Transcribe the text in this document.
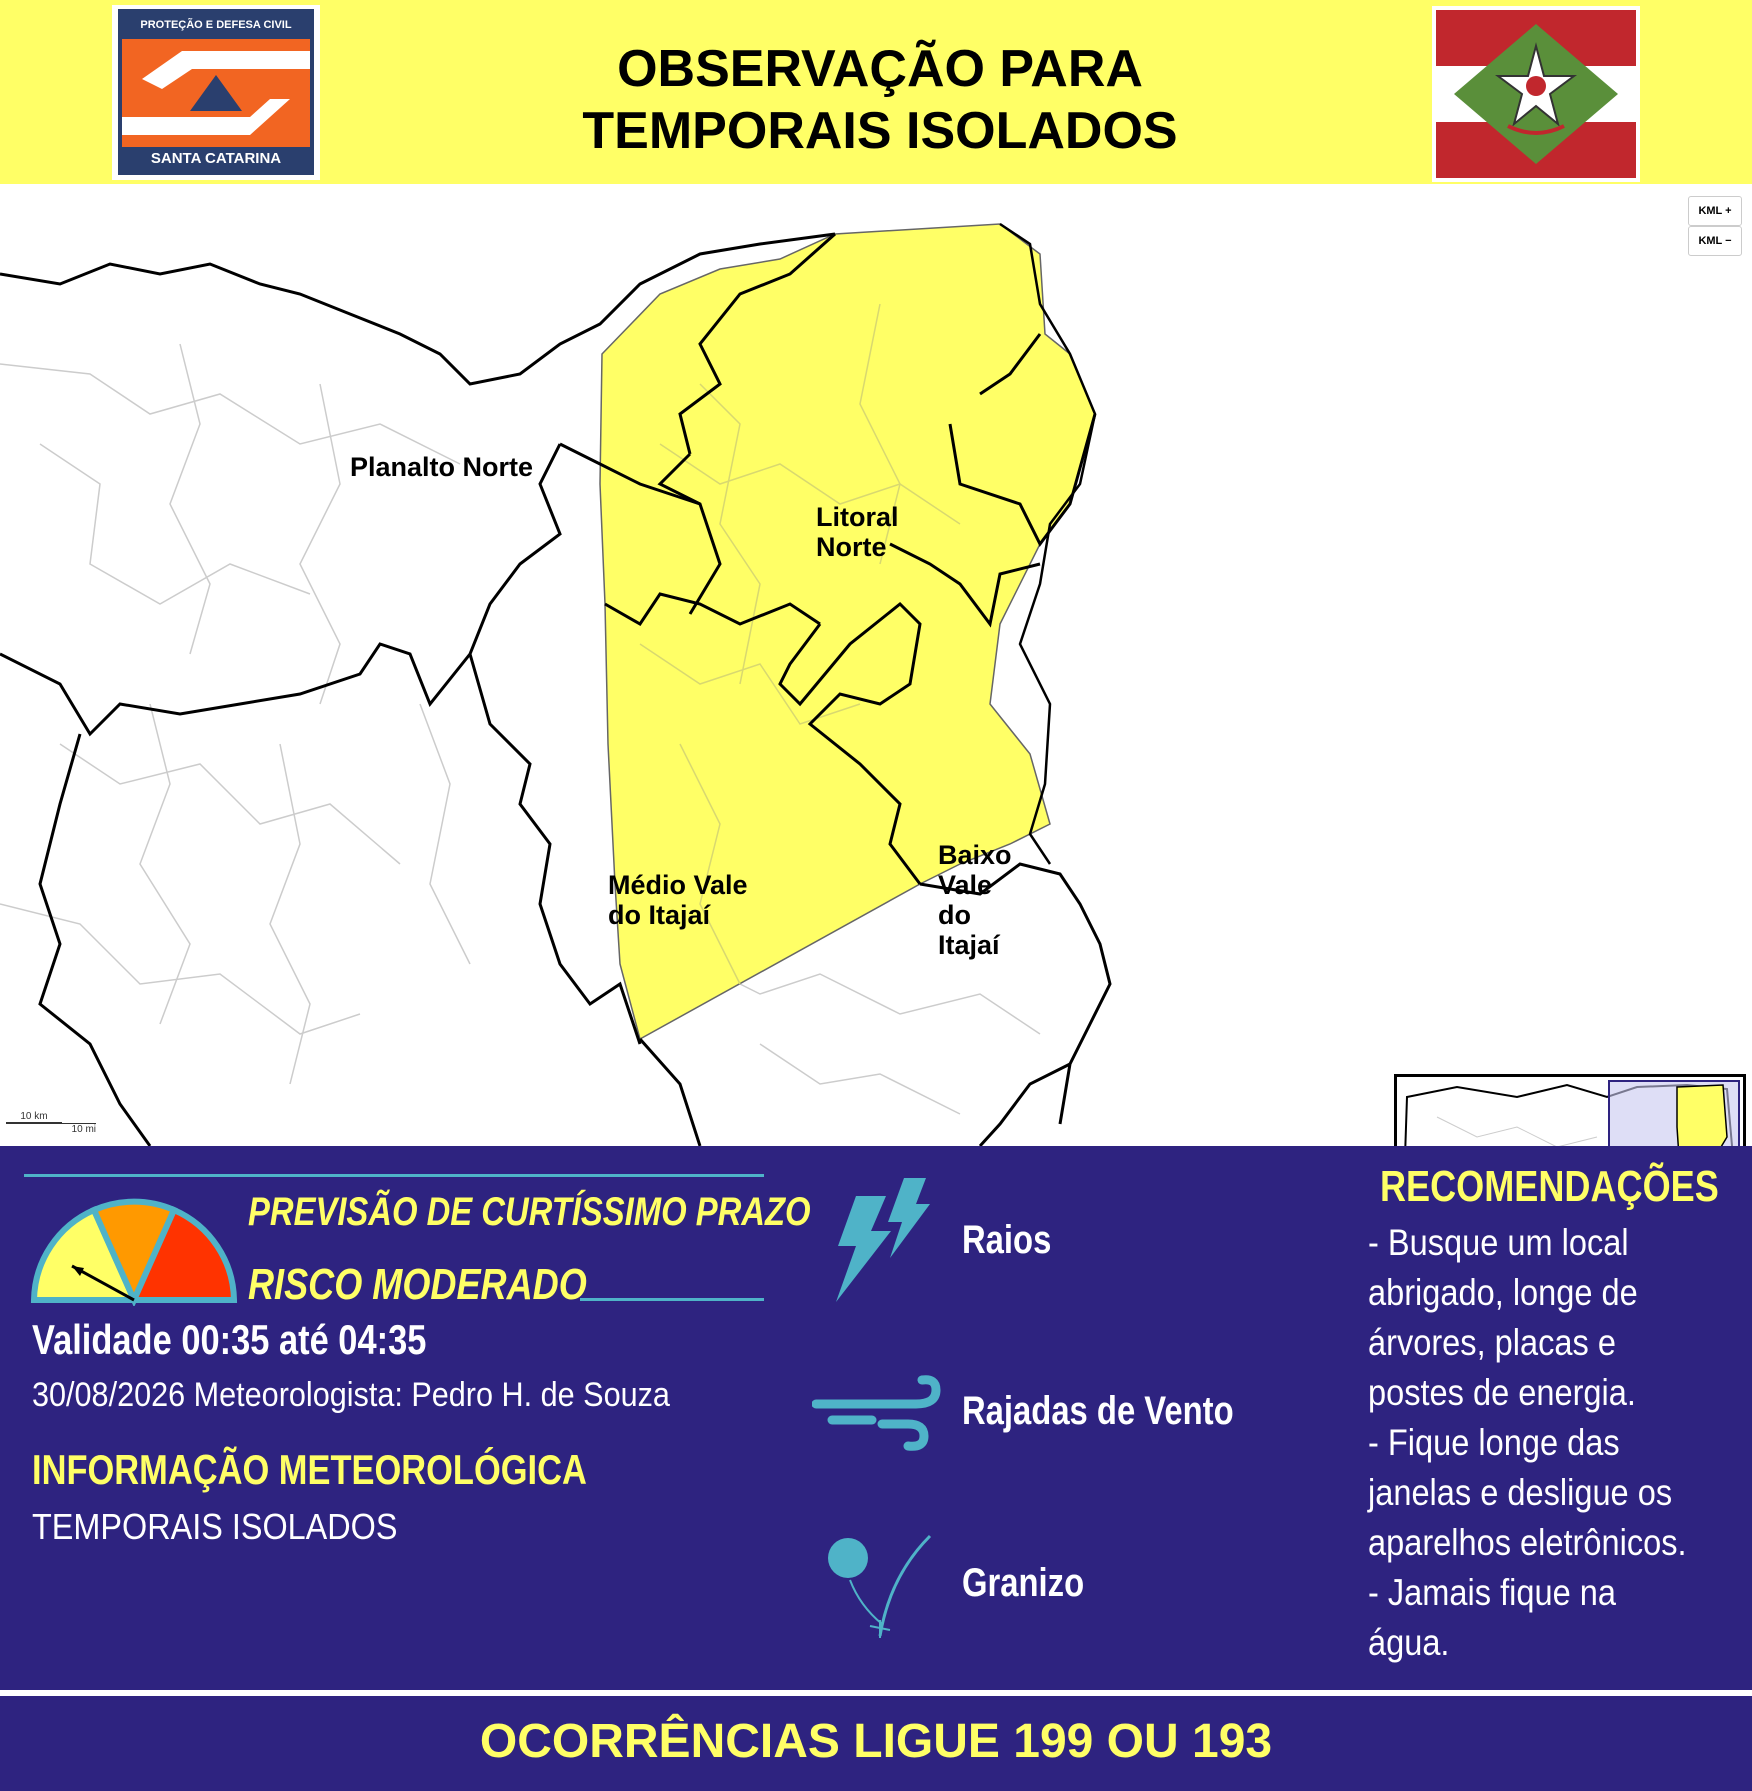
PROTEÇÃO E DEFESA CIVIL
SANTA CATARINA
OBSERVAÇÃO PARA
TEMPORAIS ISOLADOS
KML +
KML −
Planalto Norte
Litoral
Norte
Médio Vale
do Itajaí
Baixo
Vale
do
Itajaí
10 km
10 mi
PREVISÃO DE CURTÍSSIMO PRAZO
RISCO MODERADO
Validade 00:35 até 04:35
30/08/2026 Meteorologista: Pedro H. de Souza
INFORMAÇÃO METEOROLÓGICA
TEMPORAIS ISOLADOS
Raios
Rajadas de Vento
Granizo
RECOMENDAÇÕES
- Busque um local
abrigado, longe de
árvores, placas e
postes de energia.
- Fique longe das
janelas e desligue os
aparelhos eletrônicos.
- Jamais fique na
água.
OCORRÊNCIAS LIGUE 199 OU 193
